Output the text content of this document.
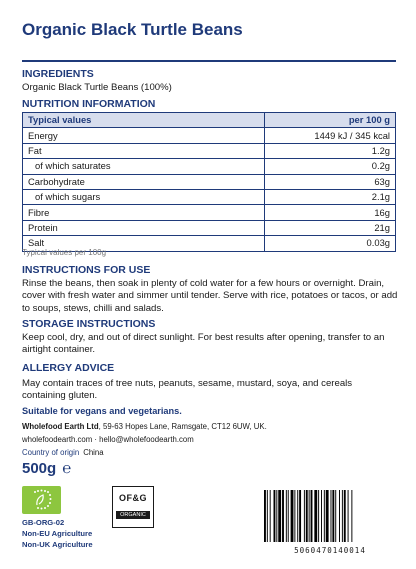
Organic Black Turtle Beans
INGREDIENTS
Organic Black Turtle Beans (100%)
NUTRITION INFORMATION
Typical values	per 100 g
Energy	1449 kJ / 345 kcal
Fat	1.2g
of which saturates	0.2g
Carbohydrate	63g
of which sugars	2.1g
Fibre	16g
Protein	21g
Salt	0.03g
Typical values per 100g
INSTRUCTIONS FOR USE
Rinse the beans, then soak in plenty of cold water for a few hours or overnight. Drain, cover with fresh water and simmer until tender. Serve with rice, potatoes or tacos, or add to soups, stews, chilli and salads.
STORAGE INSTRUCTIONS
Keep cool, dry, and out of direct sunlight. For best results after opening, transfer to an airtight container.
ALLERGY ADVICE
May contain traces of tree nuts, peanuts, sesame, mustard, soya, and cereals containing gluten.
Suitable for vegans and vegetarians.
Wholefood Earth Ltd, 59-63 Hopes Lane, Ramsgate, CT12 6UW, UK.
wholefoodearth.com · hello@wholefoodearth.com
Country of origin China
500g ℮
OF&G
ORGANIC
GB-ORG-02
Non-EU Agriculture
Non-UK Agriculture
5060470140014
